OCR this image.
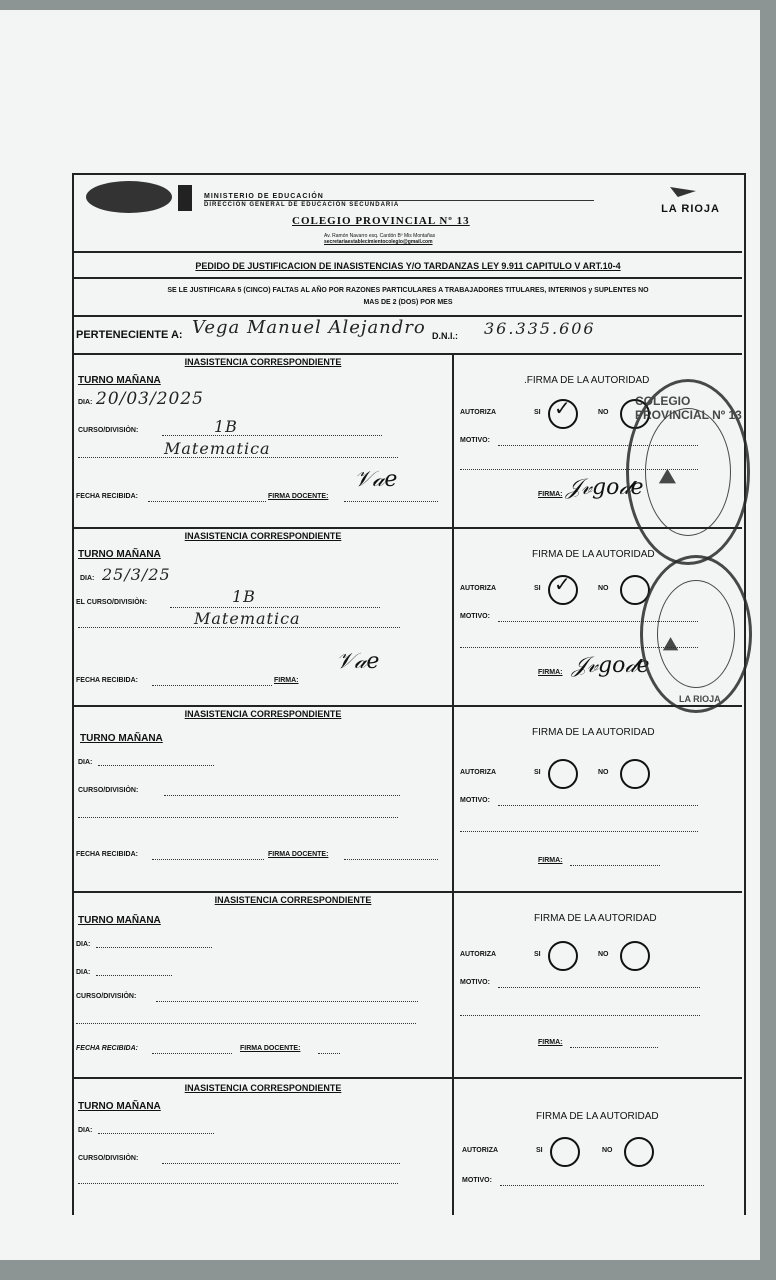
MINISTERIO DE EDUCACIÓN
DIRECCIÓN GENERAL DE EDUCACIÓN SECUNDARIA
COLEGIO PROVINCIAL Nº 13
Av. Ramón Navarro esq. Cardón Bº Mis Montañas
secretariaestablecimientocolegio@gmail.com
LA RIOJA
PEDIDO DE JUSTIFICACION DE INASISTENCIAS Y/O TARDANZAS LEY 9.911 CAPITULO V ART.10-4
SE LE JUSTIFICARA 5 (CINCO) FALTAS AL AÑO POR RAZONES PARTICULARES A TRABAJADORES TITULARES, INTERINOS y SUPLENTES NO
MAS DE 2 (DOS) POR MES
PERTENECIENTE A: Vega Manuel Alejandro D.N.I.: 36.335.606
INASISTENCIA CORRESPONDIENTE
TURNO MAÑANA
DIA: 20/03/2025
CURSO/DIVISIÒN:	1B
Matematica
FECHA RECIBIDA:	FIRMA DOCENTE:
𝒱𝒶𝑒
.FIRMA DE LA AUTORIDAD
AUTORIZA	SI ✓	NO
MOTIVO:
FIRMA: 𝒥𝓋𝑔𝑜𝒹𝑒
INASISTENCIA CORRESPONDIENTE
TURNO MAÑANA
DIA: 25/3/25
EL CURSO/DIVISIÒN:	1B
Matematica
FECHA RECIBIDA:	FIRMA:
𝒱𝒶𝑒
FIRMA DE LA AUTORIDAD
AUTORIZA	SI ✓	NO
MOTIVO:
FIRMA: 𝒥𝓋𝑔𝑜𝒹𝑒
INASISTENCIA CORRESPONDIENTE
TURNO MAÑANA
DIA:
CURSO/DIVISIÒN:
FECHA RECIBIDA:	FIRMA DOCENTE:
FIRMA DE LA AUTORIDAD
AUTORIZA	SI	NO
MOTIVO:
FIRMA:
INASISTENCIA CORRESPONDIENTE
TURNO MAÑANA
DIA:
DIA:
CURSO/DIVISIÒN:
FECHA RECIBIDA:	FIRMA DOCENTE:
FIRMA DE LA AUTORIDAD
AUTORIZA	SI	NO
MOTIVO:
FIRMA:
INASISTENCIA CORRESPONDIENTE
TURNO MAÑANA
DIA:
CURSO/DIVISIÒN:
FIRMA DE LA AUTORIDAD
AUTORIZA	SI	NO
MOTIVO:
COLEGIO PROVINCIAL Nº 13
⛰
⛰
LA RIOJA
